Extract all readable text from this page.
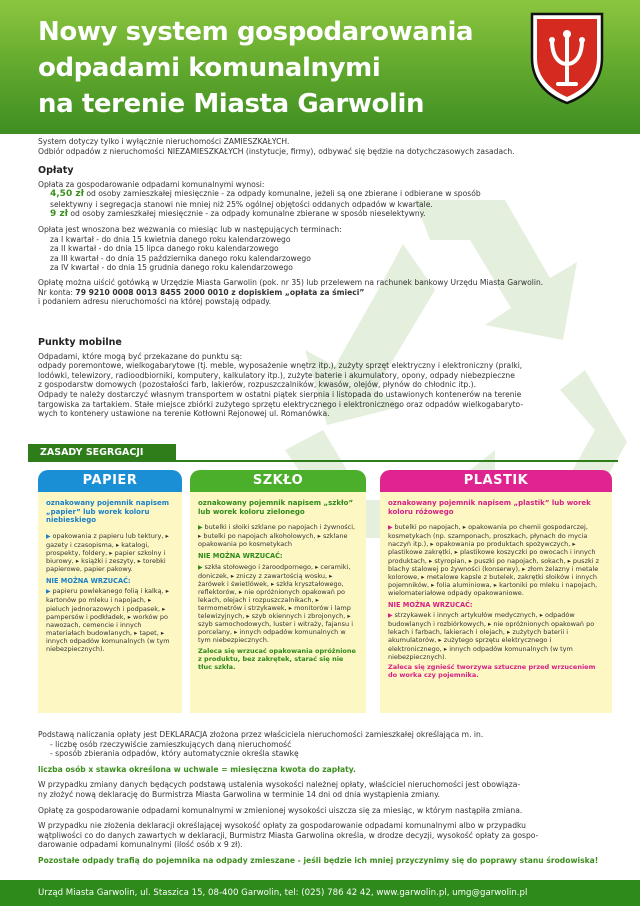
Nowy system gospodarowania
odpadami komunalnymi
na terenie Miasta Garwolin

System dotyczy tylko i wyłącznie nieruchomości ZAMIESZKAŁYCH.

Odbiór odpadów z nieruchomości NIEZAMIESZKAŁYCH (instytucje, firmy), odbywać się będzie na dotychczasowych zasadach.

Opłaty

Opłata za gospodarowanie odpadami komunalnymi wynosi:

4,50 zł od osoby zamieszkałej miesięcznie - za odpady komunalne, jeżeli są one zbierane i odbierane w sposób

selektywny i segregacja stanowi nie mniej niż 25% ogólnej objętości oddanych odpadów w kwartale.

9 zł od osoby zamieszkałej miesięcznie - za odpady komunalne zbierane w sposób nieselektywny.

Opłata jest wnoszona bez wezwania co miesiąc lub w następujących terminach:

za I kwartał - do dnia 15 kwietnia danego roku kalendarzowego

za II kwartał - do dnia 15 lipca danego roku kalendarzowego

za III kwartał - do dnia 15 października danego roku kalendarzowego

za IV kwartał - do dnia 15 grudnia danego roku kalendarzowego

Opłatę można uiścić gotówką w Urzędzie Miasta Garwolin (pok. nr 35) lub przelewem na rachunek bankowy Urzędu Miasta Garwolin.

Nr konta: 79 9210 0008 0013 8455 2000 0010 z dopiskiem „opłata za śmieci”

i podaniem adresu nieruchomości na której powstają odpady.

Punkty mobilne

Odpadami, które mogą być przekazane do punktu są:

odpady poremontowe, wielkogabarytowe (tj. meble, wyposażenie wnętrz itp.), zużyty sprzęt elektryczny i elektroniczny (pralki,

lodówki, telewizory, radioodbiorniki, komputery, kalkulatory itp.), zużyte baterie i akumulatory, opony, odpady niebezpieczne

z gospodarstw domowych (pozostałości farb, lakierów, rozpuszczalników, kwasów, olejów, płynów do chłodnic itp.).

Odpady te należy dostarczyć własnym transportem w ostatni piątek sierpnia i listopada do ustawionych kontenerów na terenie

targowiska za tartakiem. Stałe miejsce zbiórki zużytego sprzętu elektrycznego i elektronicznego oraz odpadów wielkogabaryto-

wych to kontenery ustawione na terenie Kotłowni Rejonowej ul. Romanówka.

ZASADY SEGRGACJI
PAPIER

oznakowany pojemnik napisem „papier” lub worek koloru niebieskiego

▶ opakowania z papieru lub tektury, ▸ gazety i czasopisma, ▸ katalogi, prospekty, foldery, ▸ papier szkolny i biurowy, ▸ książki i zeszyty, ▸ torebki papierowe, papier pakowy.

NIE MOŻNA WRZUCAĆ:

▶ papieru powlekanego folią i kalką, ▸ kartonów po mleku i napojach, ▸ pieluch jednorazowych i podpasek, ▸ pampersów i podkładek, ▸ worków po nawozach, cemencie i innych materiałach budowlanych, ▸ tapet, ▸ innych odpadów komunalnych (w tym niebezpiecznych).

SZKŁO

oznakowany pojemnik napisem „szkło” lub worek koloru zielonego

▶ butelki i słoiki szklane po napojach i żywności, ▸ butelki po napojach alkoholowych, ▸ szklane opakowania po kosmetykach

NIE MOŻNA WRZUCAĆ:

▶ szkła stołowego i żaroodpornego, ▸ ceramiki, doniczek, ▸ zniczy z zawartością wosku, ▸ żarówek i świetlówek, ▸ szkła kryształowego, reflektorów, ▸ nie opróżnionych opakowań po lekach, olejach i rozpuszczalnikach, ▸ termometrów i strzykawek, ▸ monitorów i lamp telewizyjnych, ▸ szyb okiennych i zbrojonych, ▸ szyb samochodowych, luster i witraży, fajansu i porcelany, ▸ innych odpadów komunalnych w tym niebezpiecznych.

Zaleca się wrzucać opakowania opróżnione z produktu, bez zakrętek, starać się nie tłuc szkła.

PLASTIK

oznakowany pojemnik napisem „plastik” lub worek koloru różowego

▶ butelki po napojach, ▸ opakowania po chemii gospodarczej, kosmetykach (np. szamponach, proszkach, płynach do mycia naczyń itp.), ▸ opakowania po produktach spożywczych, ▸ plastikowe zakrętki, ▸ plastikowe koszyczki po owocach i innych produktach, ▸ styropian, ▸ puszki po napojach, sokach, ▸ puszki z blachy stalowej po żywności (konserwy), ▸ złom żelazny i metale kolorowe, ▸ metalowe kapsle z butelek, zakrętki słoików i innych pojemników, ▸ folia aluminiowa, ▸ kartoniki po mleku i napojach, wielomateriałowe odpady opakowaniowe.

NIE MOŻNA WRZUCAĆ:

▶ strzykawek i innych artykułów medycznych, ▸ odpadów budowlanych i rozbiórkowych, ▸ nie opróżnionych opakowań po lekach i farbach, lakierach i olejach, ▸ zużytych baterii i akumulatorów, ▸ zużytego sprzętu elektrycznego i elektronicznego, ▸ innych odpadów komunalnych (w tym niebezpiecznych).

Zaleca się zgnieść tworzywa sztuczne przed wrzuceniem do worka czy pojemnika.

Podstawą naliczania opłaty jest DEKLARACJA złożona przez właściciela nieruchomości zamieszkałej określająca m. in.

- liczbę osób rzeczywiście zamieszkujących daną nieruchomość

- sposób zbierania odpadów, który automatycznie określa stawkę

liczba osób x stawka określona w uchwale = miesięczna kwota do zapłaty.

W przypadku zmiany danych będących podstawą ustalenia wysokości należnej opłaty, właściciel nieruchomości jest obowiąza-

ny złożyć nową deklarację do Burmistrza Miasta Garwolina w terminie 14 dni od dnia wystąpienia zmiany.

Opłatę za gospodarowanie odpadami komunalnymi w zmienionej wysokości uiszcza się za miesiąc, w którym nastąpiła zmiana.

W przypadku nie złożenia deklaracji określającej wysokość opłaty za gospodarowanie odpadami komunalnymi albo w przypadku

wątpliwości co do danych zawartych w deklaracji, Burmistrz Miasta Garwolina określa, w drodze decyzji, wysokość opłaty za gospo-

darowanie odpadami komunalnymi (ilość osób x 9 zł).

Pozostałe odpady trafią do pojemnika na odpady zmieszane - jeśli będzie ich mniej przyczynimy się do poprawy stanu środowiska!

Urząd Miasta Garwolin, ul. Staszica 15, 08-400 Garwolin, tel: (025) 786 42 42, www.garwolin.pl, umg@garwolin.pl
